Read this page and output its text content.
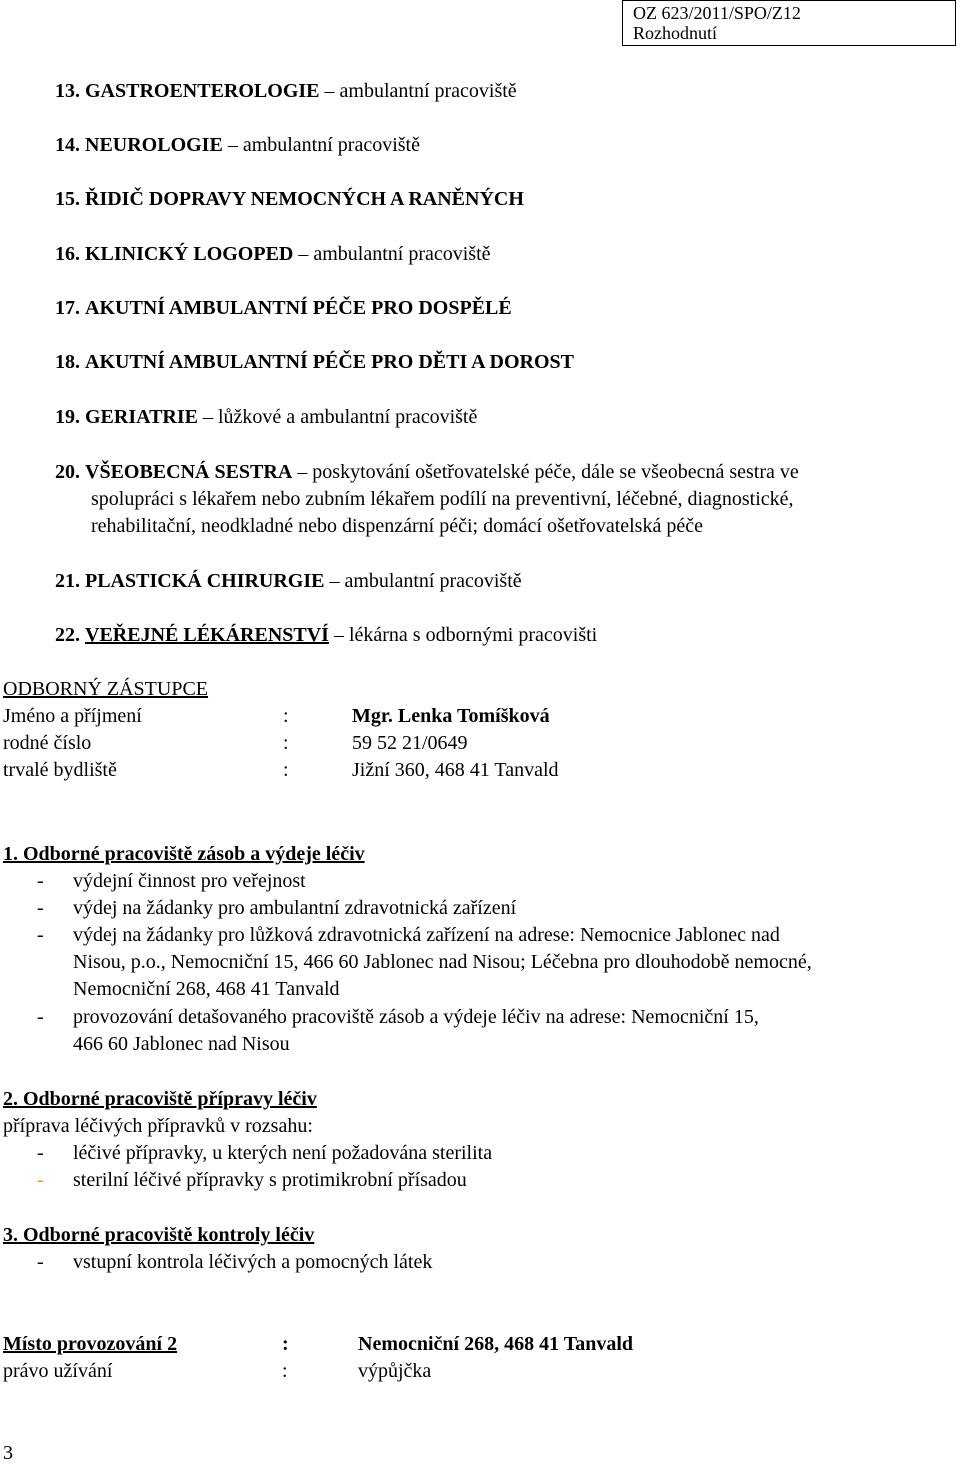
OZ 623/2011/SPO/Z12
Rozhodnutí
13. GASTROENTEROLOGIE – ambulantní pracoviště
14. NEUROLOGIE – ambulantní pracoviště
15. ŘIDIČ DOPRAVY NEMOCNÝCH A RANĚNÝCH
16. KLINICKÝ LOGOPED – ambulantní pracoviště
17. AKUTNÍ AMBULANTNÍ PÉČE PRO DOSPĚLÉ
18. AKUTNÍ AMBULANTNÍ PÉČE PRO DĚTI A DOROST
19. GERIATRIE – lůžkové a ambulantní pracoviště
20. VŠEOBECNÁ SESTRA – poskytování ošetřovatelské péče, dále se všeobecná sestra ve
spolupráci s lékařem nebo zubním lékařem podílí na preventivní, léčebné, diagnostické,
rehabilitační, neodkladné nebo dispenzární péči; domácí ošetřovatelská péče
21. PLASTICKÁ CHIRURGIE – ambulantní pracoviště
22. VEŘEJNÉ LÉKÁRENSTVÍ – lékárna s odbornými pracovišti
ODBORNÝ ZÁSTUPCE
Jméno a příjmení	:	Mgr. Lenka Tomíšková
rodné číslo	:	59 52 21/0649
trvalé bydliště	:	Jižní 360, 468 41 Tanvald
1. Odborné pracoviště zásob a výdeje léčiv
- výdejní činnost pro veřejnost
- výdej na žádanky pro ambulantní zdravotnická zařízení
- výdej na žádanky pro lůžková zdravotnická zařízení na adrese: Nemocnice Jablonec nad
Nisou, p.o., Nemocniční 15, 466 60 Jablonec nad Nisou; Léčebna pro dlouhodobě nemocné,
Nemocniční 268, 468 41 Tanvald
- provozování detašovaného pracoviště zásob a výdeje léčiv na adrese: Nemocniční 15,
466 60 Jablonec nad Nisou
2. Odborné pracoviště přípravy léčiv
příprava léčivých přípravků v rozsahu:
- léčivé přípravky, u kterých není požadována sterilita
- sterilní léčivé přípravky s protimikrobní přísadou
3. Odborné pracoviště kontroly léčiv
- vstupní kontrola léčivých a pomocných látek
Místo provozování 2	:	Nemocniční 268, 468 41 Tanvald
právo užívání	:	výpůjčka
3
